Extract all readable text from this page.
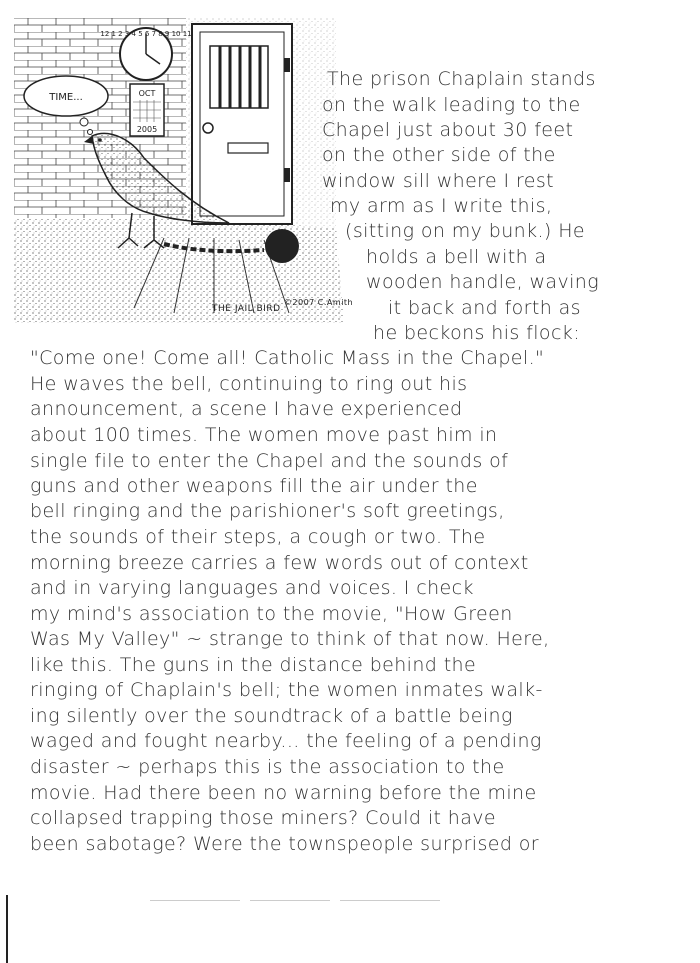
12 1 2 3 4 5 6 7 8 9 10 11
OCT
2005
TIME...
THE JAIL BIRD ©2007 C.Amith

The prison Chaplain stands

on the walk leading to the

Chapel just about 30 feet

on the other side of the

window sill where I rest

my arm as I write this,

(sitting on my bunk.) He

holds a bell with a

wooden handle, waving

it back and forth as

he beckons his flock:

"Come one! Come all! Catholic Mass in the Chapel."

He waves the bell, continuing to ring out his

announcement, a scene I have experienced

about 100 times. The women move past him in

single file to enter the Chapel and the sounds of

guns and other weapons fill the air under the

bell ringing and the parishioner's soft greetings,

the sounds of their steps, a cough or two. The

morning breeze carries a few words out of context

and in varying languages and voices. I check

my mind's association to the movie, "How Green

Was My Valley" ~ strange to think of that now. Here,

like this. The guns in the distance behind the

ringing of Chaplain's bell; the women inmates walk-

ing silently over the soundtrack of a battle being

waged and fought nearby... the feeling of a pending

disaster ~ perhaps this is the association to the

movie. Had there been no warning before the mine

collapsed trapping those miners? Could it have

been sabotage? Were the townspeople surprised or
